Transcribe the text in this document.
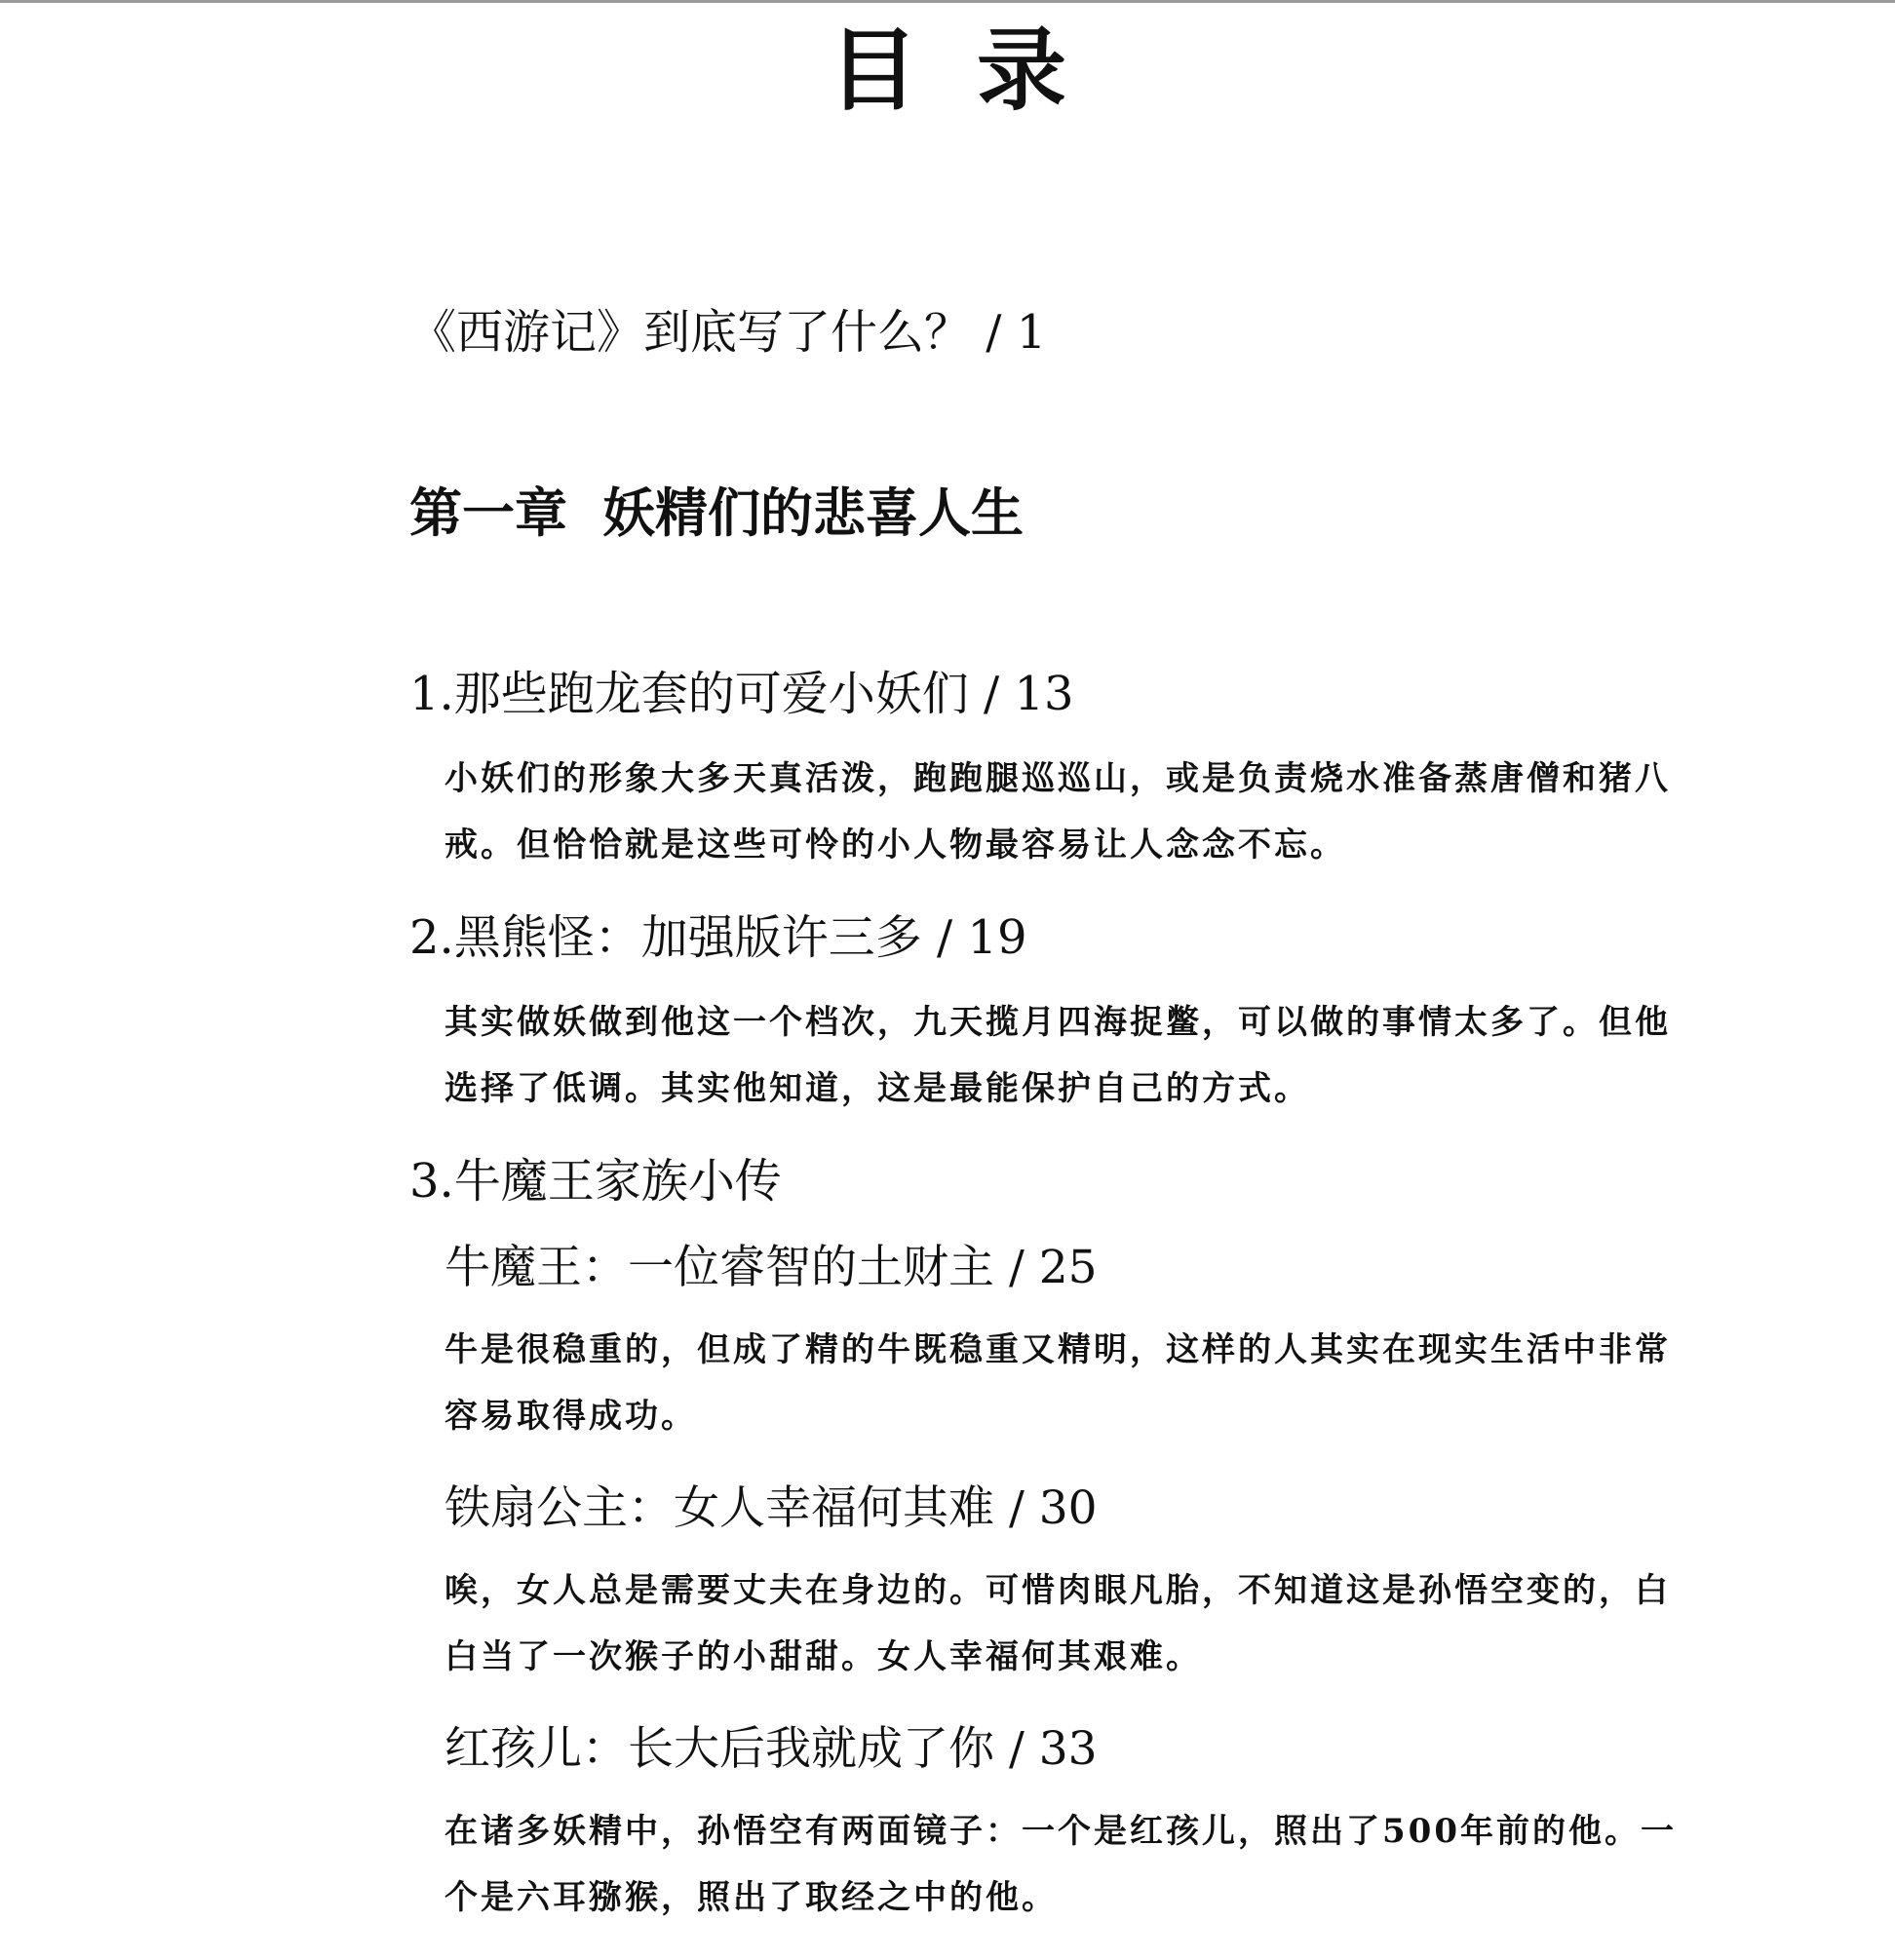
目录
《西游记》到底写了什么？ / 1
第一章 妖精们的悲喜人生
1.那些跑龙套的可爱小妖们 / 13
小妖们的形象大多天真活泼，跑跑腿巡巡山，或是负责烧水准备蒸唐僧和猪八戒。但恰恰就是这些可怜的小人物最容易让人念念不忘。
2.黑熊怪：加强版许三多 / 19
其实做妖做到他这一个档次，九天揽月四海捉鳖，可以做的事情太多了。但他选择了低调。其实他知道，这是最能保护自己的方式。
3.牛魔王家族小传
牛魔王：一位睿智的土财主 / 25
牛是很稳重的，但成了精的牛既稳重又精明，这样的人其实在现实生活中非常容易取得成功。
铁扇公主：女人幸福何其难 / 30
唉，女人总是需要丈夫在身边的。可惜肉眼凡胎，不知道这是孙悟空变的，白白当了一次猴子的小甜甜。女人幸福何其艰难。
红孩儿：长大后我就成了你 / 33
在诸多妖精中，孙悟空有两面镜子：一个是红孩儿，照出了500年前的他。一个是六耳猕猴，照出了取经之中的他。
